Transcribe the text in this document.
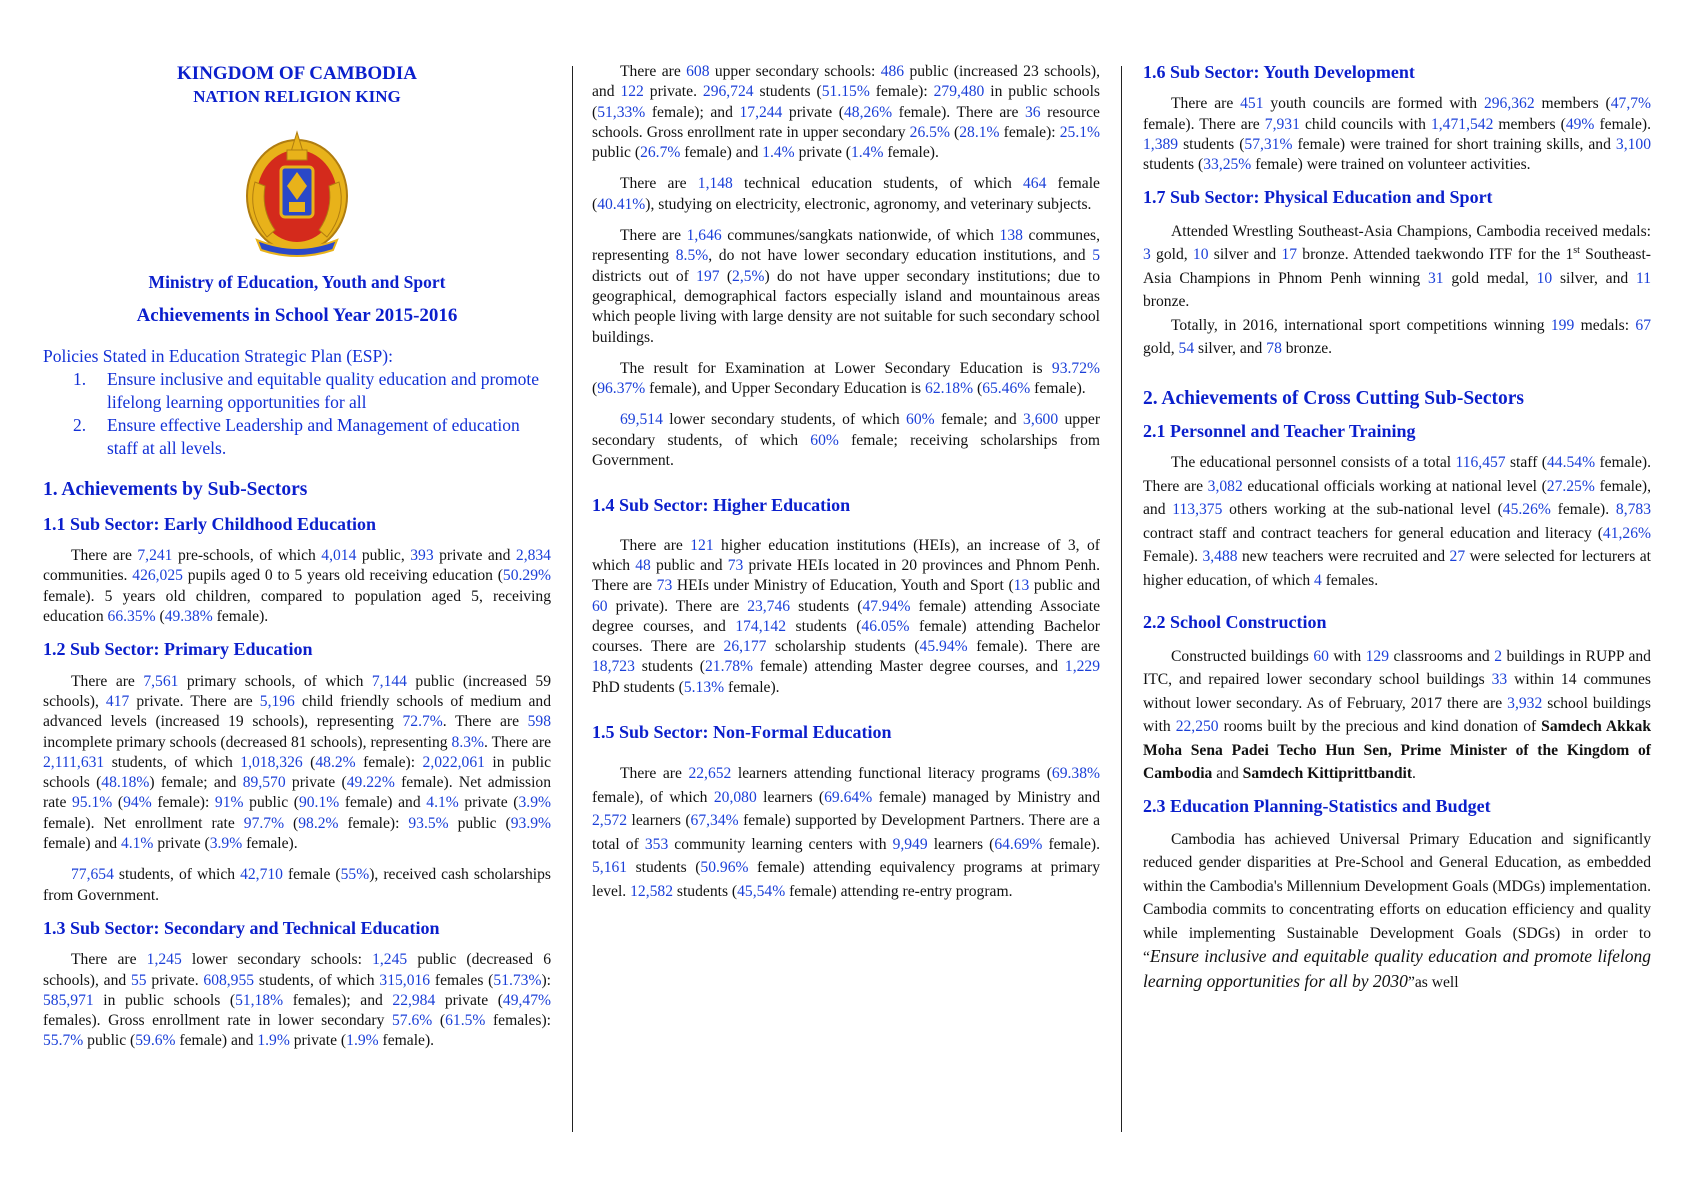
KINGDOM OF CAMBODIA
NATION RELIGION KING
Ministry of Education, Youth and Sport
Achievements in School Year 2015-2016
Policies Stated in Education Strategic Plan (ESP):
1. Ensure inclusive and equitable quality education and promote lifelong learning opportunities for all
2. Ensure effective Leadership and Management of education staff at all levels.
1. Achievements by Sub-Sectors
1.1 Sub Sector: Early Childhood Education

There are 7,241 pre-schools, of which 4,014 public, 393 private and 2,834 communities. 426,025 pupils aged 0 to 5 years old receiving education (50.29% female). 5 years old children, compared to population aged 5, receiving education 66.35% (49.38% female).

1.2 Sub Sector: Primary Education

There are 7,561 primary schools, of which 7,144 public (increased 59 schools), 417 private. There are 5,196 child friendly schools of medium and advanced levels (increased 19 schools), representing 72.7%. There are 598 incomplete primary schools (decreased 81 schools), representing 8.3%. There are 2,111,631 students, of which 1,018,326 (48.2% female): 2,022,061 in public schools (48.18%) female; and 89,570 private (49.22% female). Net admission rate 95.1% (94% female): 91% public (90.1% female) and 4.1% private (3.9% female). Net enrollment rate 97.7% (98.2% female): 93.5% public (93.9% female) and 4.1% private (3.9% female).

77,654 students, of which 42,710 female (55%), received cash scholarships from Government.

1.3 Sub Sector: Secondary and Technical Education

There are 1,245 lower secondary schools: 1,245 public (decreased 6 schools), and 55 private. 608,955 students, of which 315,016 females (51.73%): 585,971 in public schools (51,18% females); and 22,984 private (49,47% females). Gross enrollment rate in lower secondary 57.6% (61.5% females): 55.7% public (59.6% female) and 1.9% private (1.9% female).

There are 608 upper secondary schools: 486 public (increased 23 schools), and 122 private. 296,724 students (51.15% female): 279,480 in public schools (51,33% female); and 17,244 private (48,26% female). There are 36 resource schools. Gross enrollment rate in upper secondary 26.5% (28.1% female): 25.1% public (26.7% female) and 1.4% private (1.4% female).

There are 1,148 technical education students, of which 464 female (40.41%), studying on electricity, electronic, agronomy, and veterinary subjects.

There are 1,646 communes/sangkats nationwide, of which 138 communes, representing 8.5%, do not have lower secondary education institutions, and 5 districts out of 197 (2,5%) do not have upper secondary institutions; due to geographical, demographical factors especially island and mountainous areas which people living with large density are not suitable for such secondary school buildings.

The result for Examination at Lower Secondary Education is 93.72% (96.37% female), and Upper Secondary Education is 62.18% (65.46% female).

69,514 lower secondary students, of which 60% female; and 3,600 upper secondary students, of which 60% female; receiving scholarships from Government.

1.4 Sub Sector: Higher Education

There are 121 higher education institutions (HEIs), an increase of 3, of which 48 public and 73 private HEIs located in 20 provinces and Phnom Penh. There are 73 HEIs under Ministry of Education, Youth and Sport (13 public and 60 private). There are 23,746 students (47.94% female) attending Associate degree courses, and 174,142 students (46.05% female) attending Bachelor courses. There are 26,177 scholarship students (45.94% female). There are 18,723 students (21.78% female) attending Master degree courses, and 1,229 PhD students (5.13% female).

1.5 Sub Sector: Non-Formal Education

There are 22,652 learners attending functional literacy programs (69.38% female), of which 20,080 learners (69.64% female) managed by Ministry and 2,572 learners (67,34% female) supported by Development Partners. There are a total of 353 community learning centers with 9,949 learners (64.69% female). 5,161 students (50.96% female) attending equivalency programs at primary level. 12,582 students (45,54% female) attending re-entry program.

1.6 Sub Sector: Youth Development

There are 451 youth councils are formed with 296,362 members (47,7% female). There are 7,931 child councils with 1,471,542 members (49% female). 1,389 students (57,31% female) were trained for short training skills, and 3,100 students (33,25% female) were trained on volunteer activities.

1.7 Sub Sector: Physical Education and Sport

Attended Wrestling Southeast-Asia Champions, Cambodia received medals: 3 gold, 10 silver and 17 bronze. Attended taekwondo ITF for the 1st Southeast-Asia Champions in Phnom Penh winning 31 gold medal, 10 silver, and 11 bronze.

Totally, in 2016, international sport competitions winning 199 medals: 67 gold, 54 silver, and 78 bronze.

2. Achievements of Cross Cutting Sub-Sectors
2.1 Personnel and Teacher Training

The educational personnel consists of a total 116,457 staff (44.54% female). There are 3,082 educational officials working at national level (27.25% female), and 113,375 others working at the sub-national level (45.26% female). 8,783 contract staff and contract teachers for general education and literacy (41,26% Female). 3,488 new teachers were recruited and 27 were selected for lecturers at higher education, of which 4 females.

2.2 School Construction

Constructed buildings 60 with 129 classrooms and 2 buildings in RUPP and ITC, and repaired lower secondary school buildings 33 within 14 communes without lower secondary. As of February, 2017 there are 3,932 school buildings with 22,250 rooms built by the precious and kind donation of Samdech Akkak Moha Sena Padei Techo Hun Sen, Prime Minister of the Kingdom of Cambodia and Samdech Kittiprittbandit.

2.3 Education Planning-Statistics and Budget

Cambodia has achieved Universal Primary Education and significantly reduced gender disparities at Pre-School and General Education, as embedded within the Cambodia's Millennium Development Goals (MDGs) implementation. Cambodia commits to concentrating efforts on education efficiency and quality while implementing Sustainable Development Goals (SDGs) in order to “Ensure inclusive and equitable quality education and promote lifelong learning opportunities for all by 2030”as well
